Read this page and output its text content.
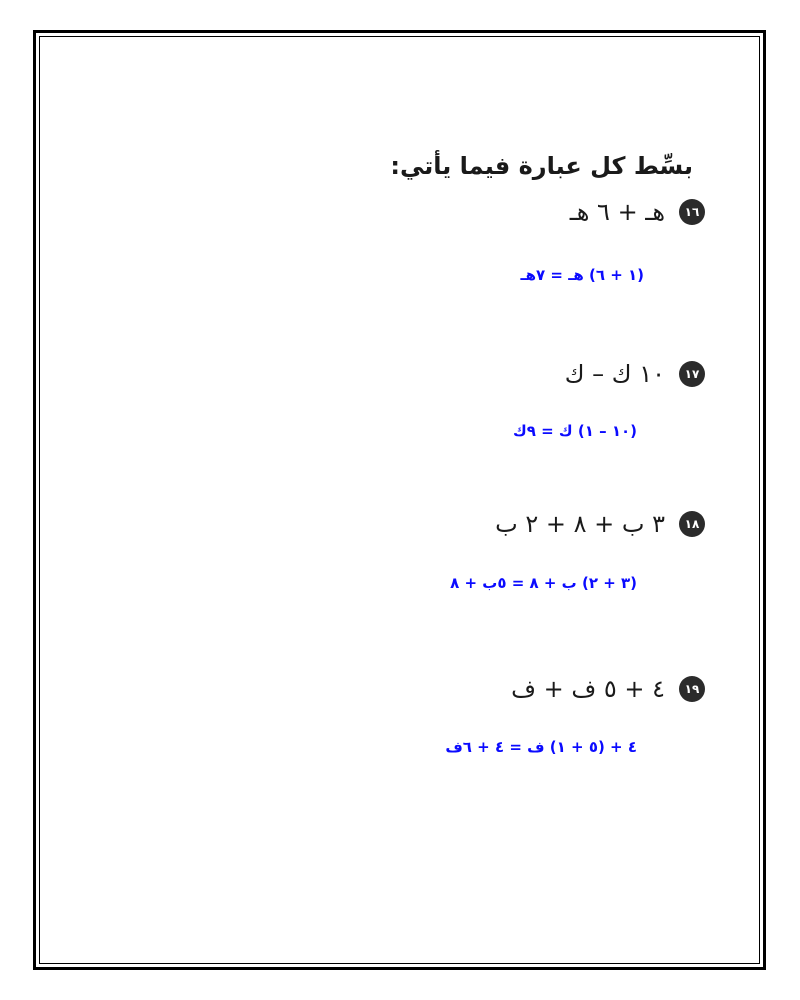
بسِّط كل عبارة فيما يأتي:
١٦
هـ + ٦ هـ
(١ + ٦) هـ = ٧هـ
١٧
١٠ ك – ك
(١٠ – ١) ك = ٩ك
١٨
٣ ب + ٨ + ٢ ب
(٣ + ٢) ب + ٨ = ٥ب + ٨
١٩
٤ + ٥ ف + ف
٤ + (٥ + ١) ف = ٤ + ٦ف
